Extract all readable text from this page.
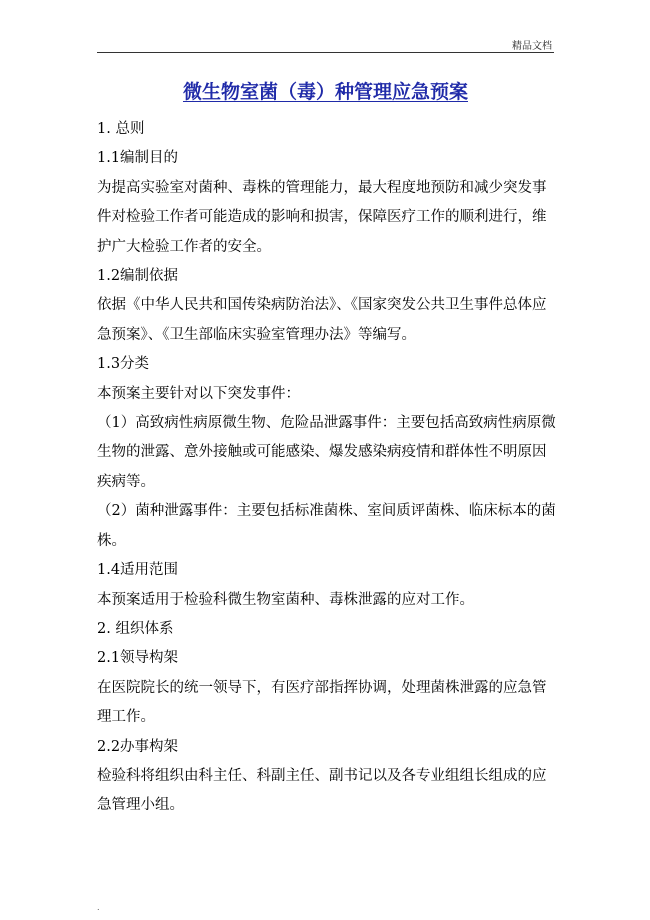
精品文档
微生物室菌（毒）种管理应急预案

1. 总则

1.1编制目的

为提高实验室对菌种、毒株的管理能力，最大程度地预防和减少突发事件对检验工作者可能造成的影响和损害，保障医疗工作的顺利进行，维护广大检验工作者的安全。

1.2编制依据

依据《中华人民共和国传染病防治法》、《国家突发公共卫生事件总体应急预案》、《卫生部临床实验室管理办法》等编写。

1.3分类

本预案主要针对以下突发事件：

（1）高致病性病原微生物、危险品泄露事件：主要包括高致病性病原微生物的泄露、意外接触或可能感染、爆发感染病疫情和群体性不明原因疾病等。

（2）菌种泄露事件：主要包括标准菌株、室间质评菌株、临床标本的菌株。

1.4适用范围

本预案适用于检验科微生物室菌种、毒株泄露的应对工作。

2. 组织体系

2.1领导构架

在医院院长的统一领导下，有医疗部指挥协调，处理菌株泄露的应急管理工作。

2.2办事构架

检验科将组织由科主任、科副主任、副书记以及各专业组组长组成的应急管理小组。

.
